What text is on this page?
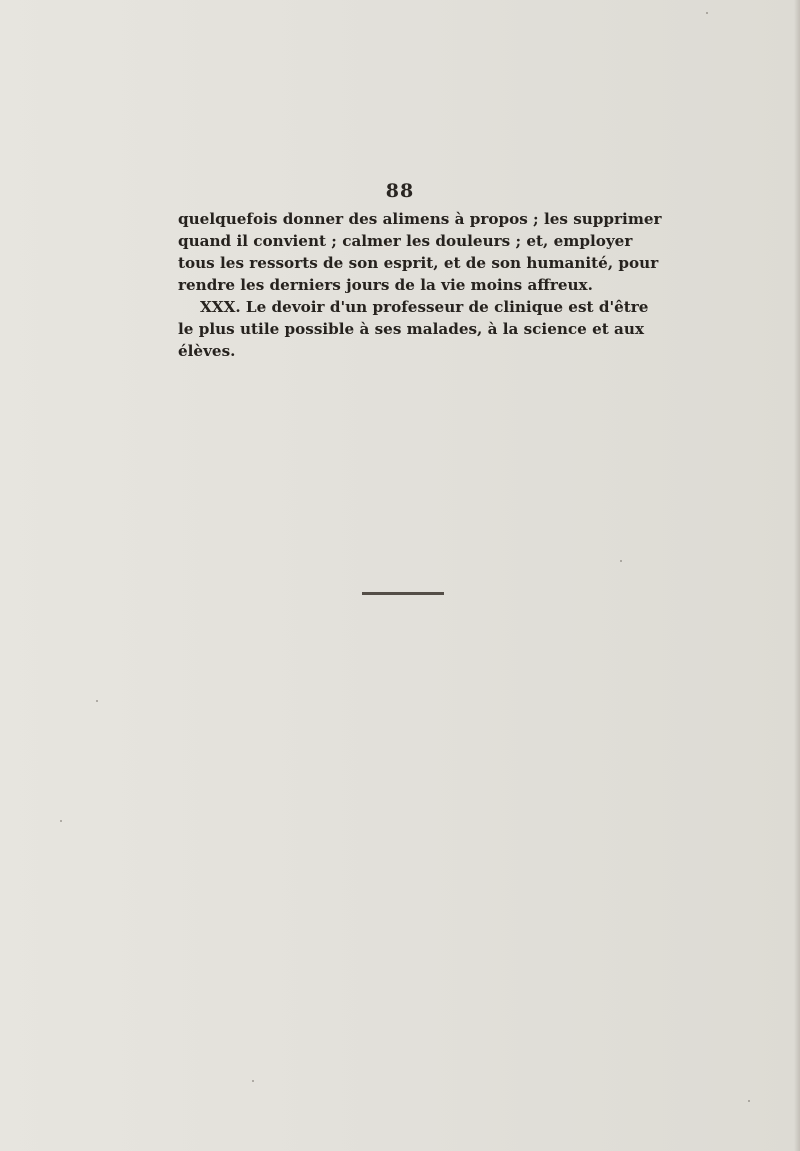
88
quelquefois donner des alimens à propos ; les supprimer
quand il convient ; calmer les douleurs ; et, employer
tous les ressorts de son esprit, et de son humanité, pour
rendre les derniers jours de la vie moins affreux.
XXX. Le devoir d'un professeur de clinique est d'être
le plus utile possible à ses malades, à la science et aux
élèves.
